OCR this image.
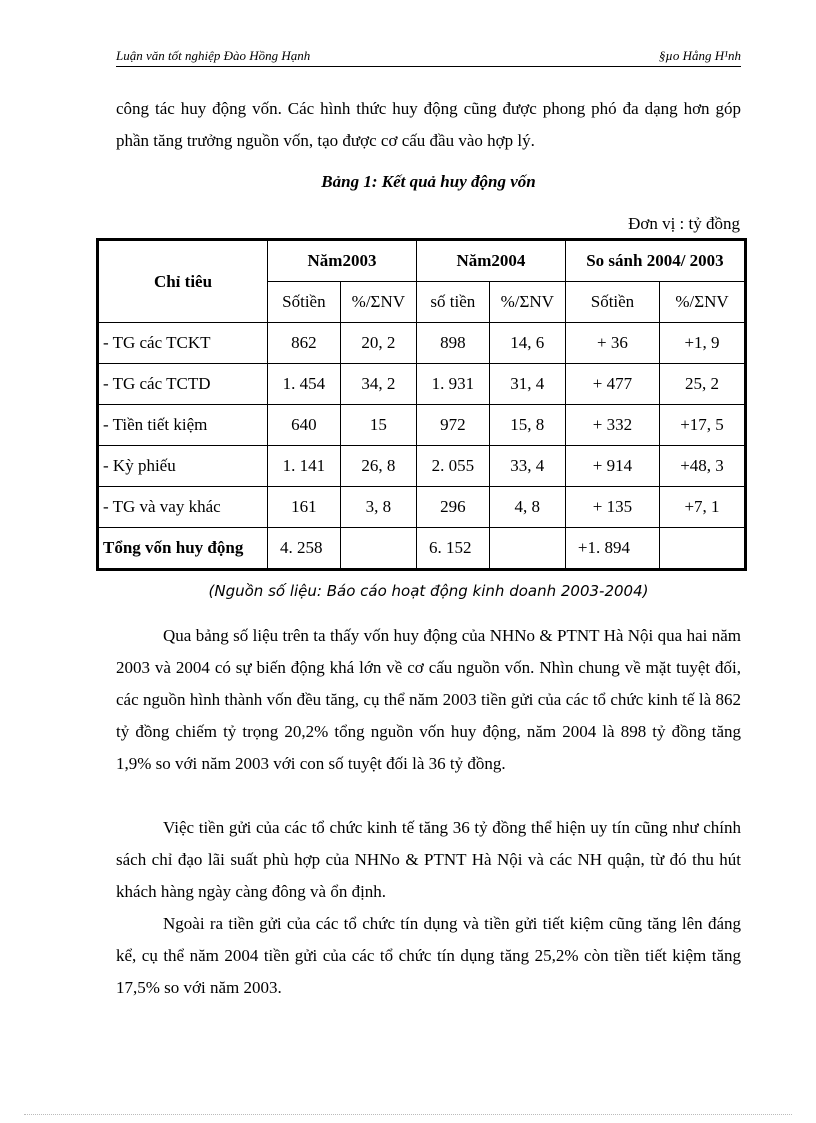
Luận văn tốt nghiệp Đào Hồng Hạnh	§µo Hång H¹nh
công tác huy động vốn. Các hình thức huy động cũng được phong phó đa dạng hơn góp phần tăng trưởng nguồn vốn, tạo được cơ cấu đầu vào hợp lý.
Bảng 1: Kết quả huy động vốn
Đơn vị : tỷ đồng
Chỉ tiêu	Năm2003		Năm2004		So sánh 2004/ 2003	
	Sốtiền	%/ΣNV	số tiền	%/ΣNV	Sốtiền	%/ΣNV
- TG các TCKT	862	20, 2	898	14, 6	+ 36	+1, 9
- TG các TCTD	1. 454	34, 2	1. 931	31, 4	+ 477	25, 2
- Tiền tiết kiệm	640	15	972	15, 8	+ 332	+17, 5
- Kỳ phiếu	1. 141	26, 8	2. 055	33, 4	+ 914	+48, 3
- TG và vay khác	161	3, 8	296	4, 8	+ 135	+7, 1
Tổng vốn huy động	4. 258		6. 152		+1. 894	
(Nguồn số liệu: Báo cáo hoạt động kinh doanh 2003-2004)
Qua bảng số liệu trên ta thấy vốn huy động của NHNo & PTNT Hà Nội qua hai năm 2003 và 2004 có sự biến động khá lớn về cơ cấu nguồn vốn. Nhìn chung về mặt tuyệt đối, các nguồn hình thành vốn đều tăng, cụ thể năm 2003 tiền gửi của các tổ chức kinh tế là 862 tỷ đồng chiếm tỷ trọng 20,2% tổng nguồn vốn huy động, năm 2004 là 898 tỷ đồng tăng 1,9% so với năm 2003 với con số tuyệt đối là 36 tỷ đồng.
Việc tiền gửi của các tổ chức kinh tế tăng 36 tỷ đồng thể hiện uy tín cũng như chính sách chỉ đạo lãi suất phù hợp của NHNo & PTNT Hà Nội và các NH quận, từ đó thu hút khách hàng ngày càng đông và ổn định.
Ngoài ra tiền gửi của các tổ chức tín dụng và tiền gửi tiết kiệm cũng tăng lên đáng kể, cụ thể năm 2004 tiền gửi của các tổ chức tín dụng tăng 25,2% còn tiền tiết kiệm tăng 17,5% so với năm 2003.
